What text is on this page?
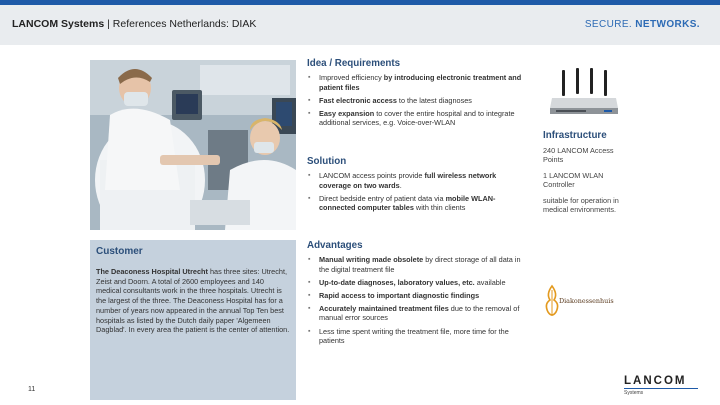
LANCOM Systems | References Netherlands: DIAK	SECURE. NETWORKS.
Customer

The Deaconess Hospital Utrecht has three sites: Utrecht, Zeist and Doorn. A total of 2600 employees and 140 medical consultants work in the three hospitals. Utrecht is the largest of the three. The Deaconess Hospital has for a number of years now appeared in the annual Top Ten best hospitals as listed by the Dutch daily paper 'Algemeen Dagblad'. In every area the patient is the center of attention.

Idea / Requirements
▪ Improved efficiency by introducing electronic treatment and patient files
▪ Fast electronic access to the latest diagnoses
▪ Easy expansion to cover the entire hospital and to integrate additional services, e.g. Voice-over-WLAN
Solution
▪ LANCOM access points provide full wireless network coverage on two wards.
▪ Direct bedside entry of patient data via mobile WLAN-connected computer tables with thin clients
Advantages
▪ Manual writing made obsolete by direct storage of all data in the digital treatment file
▪ Up-to-date diagnoses, laboratory values, etc. available
▪ Rapid access to important diagnostic findings
▪ Accurately maintained treatment files due to the removal of manual error sources
▪ Less time spent writing the treatment file, more time for the patients
Infrastructure

240 LANCOM Access Points

1 LANCOM WLAN Controller

suitable for operation in medical environments.

Diakonessenhuis
11
LANCOM
Systems
